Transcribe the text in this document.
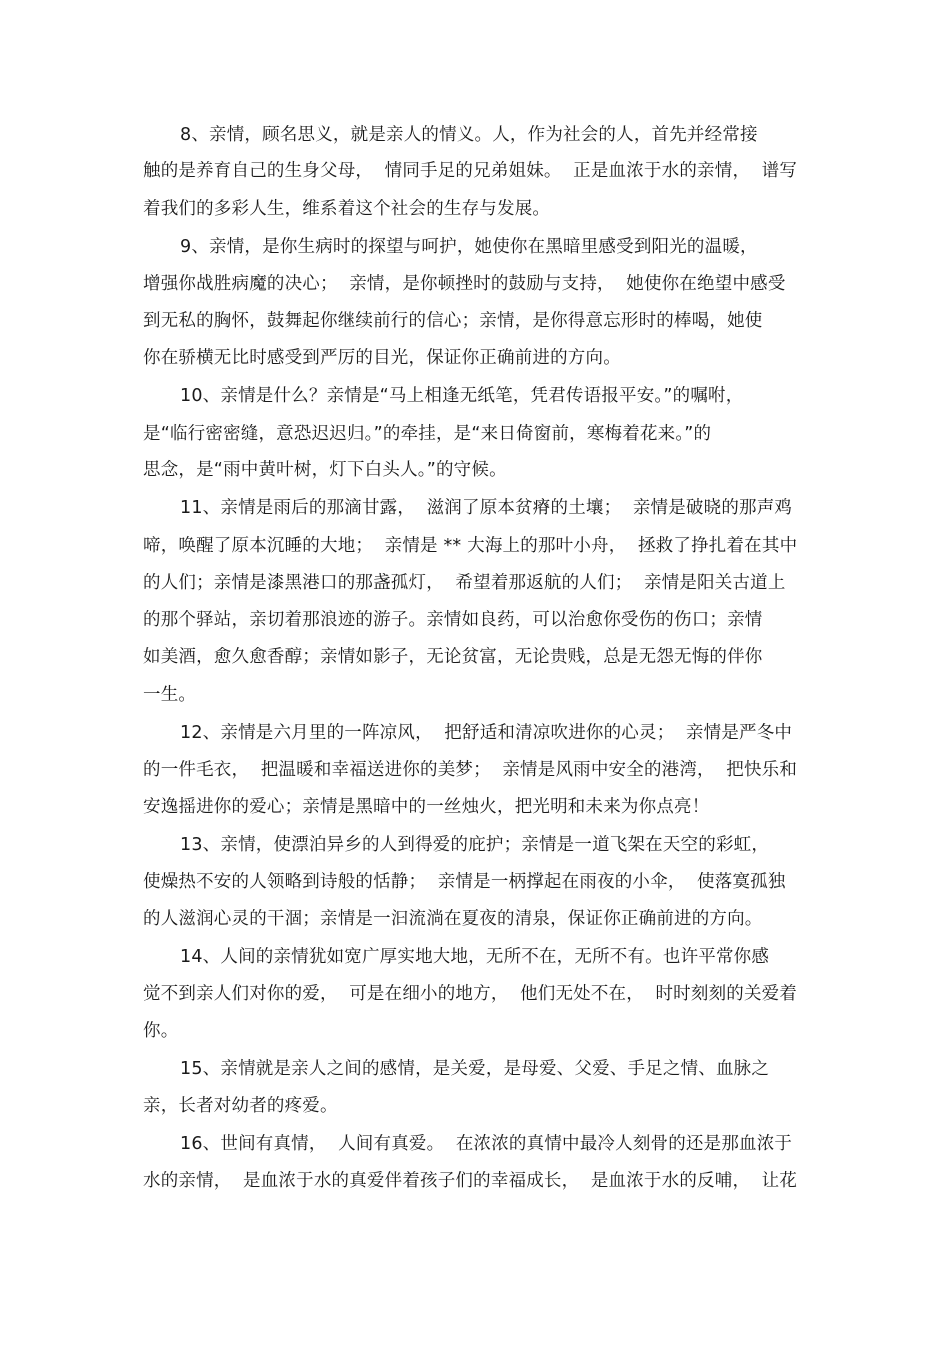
8、亲情，顾名思义，就是亲人的情义。人，作为社会的人，首先并经常接
触的是养育自己的生身父母，  情同手足的兄弟姐妹。  正是血浓于水的亲情，  谱写
着我们的多彩人生，维系着这个社会的生存与发展。
9、亲情，是你生病时的探望与呵护，她使你在黑暗里感受到阳光的温暖，
增强你战胜病魔的决心；  亲情，是你顿挫时的鼓励与支持，  她使你在绝望中感受
到无私的胸怀，鼓舞起你继续前行的信心；亲情，是你得意忘形时的棒喝，她使
你在骄横无比时感受到严厉的目光，保证你正确前进的方向。
10、亲情是什么？亲情是“马上相逢无纸笔，凭君传语报平安。”的嘱咐，
是“临行密密缝，意恐迟迟归。”的牵挂，是“来日倚窗前，寒梅着花来。”的
思念，是“雨中黄叶树，灯下白头人。”的守候。
11、亲情是雨后的那滴甘露，  滋润了原本贫瘠的土壤；  亲情是破晓的那声鸡
啼，唤醒了原本沉睡的大地；  亲情是 ** 大海上的那叶小舟，  拯救了挣扎着在其中
的人们；亲情是漆黑港口的那盏孤灯，  希望着那返航的人们；  亲情是阳关古道上
的那个驿站，亲切着那浪迹的游子。亲情如良药，可以治愈你受伤的伤口；亲情
如美酒，愈久愈香醇；亲情如影子，无论贫富，无论贵贱，总是无怨无悔的伴你
一生。
12、亲情是六月里的一阵凉风，  把舒适和清凉吹进你的心灵；  亲情是严冬中
的一件毛衣，  把温暖和幸福送进你的美梦；  亲情是风雨中安全的港湾，  把快乐和
安逸摇进你的爱心；亲情是黑暗中的一丝烛火，把光明和未来为你点亮！
13、亲情，使漂泊异乡的人到得爱的庇护；亲情是一道飞架在天空的彩虹，
使燥热不安的人领略到诗般的恬静；  亲情是一柄撑起在雨夜的小伞，  使落寞孤独
的人滋润心灵的干涸；亲情是一汩流淌在夏夜的清泉，保证你正确前进的方向。
14、人间的亲情犹如宽广厚实地大地，无所不在，无所不有。也许平常你感
觉不到亲人们对你的爱，  可是在细小的地方，  他们无处不在，  时时刻刻的关爱着
你。
15、亲情就是亲人之间的感情，是关爱，是母爱、父爱、手足之情、血脉之
亲，长者对幼者的疼爱。
16、世间有真情，  人间有真爱。  在浓浓的真情中最冷人刻骨的还是那血浓于
水的亲情，  是血浓于水的真爱伴着孩子们的幸福成长，  是血浓于水的反哺，  让花
